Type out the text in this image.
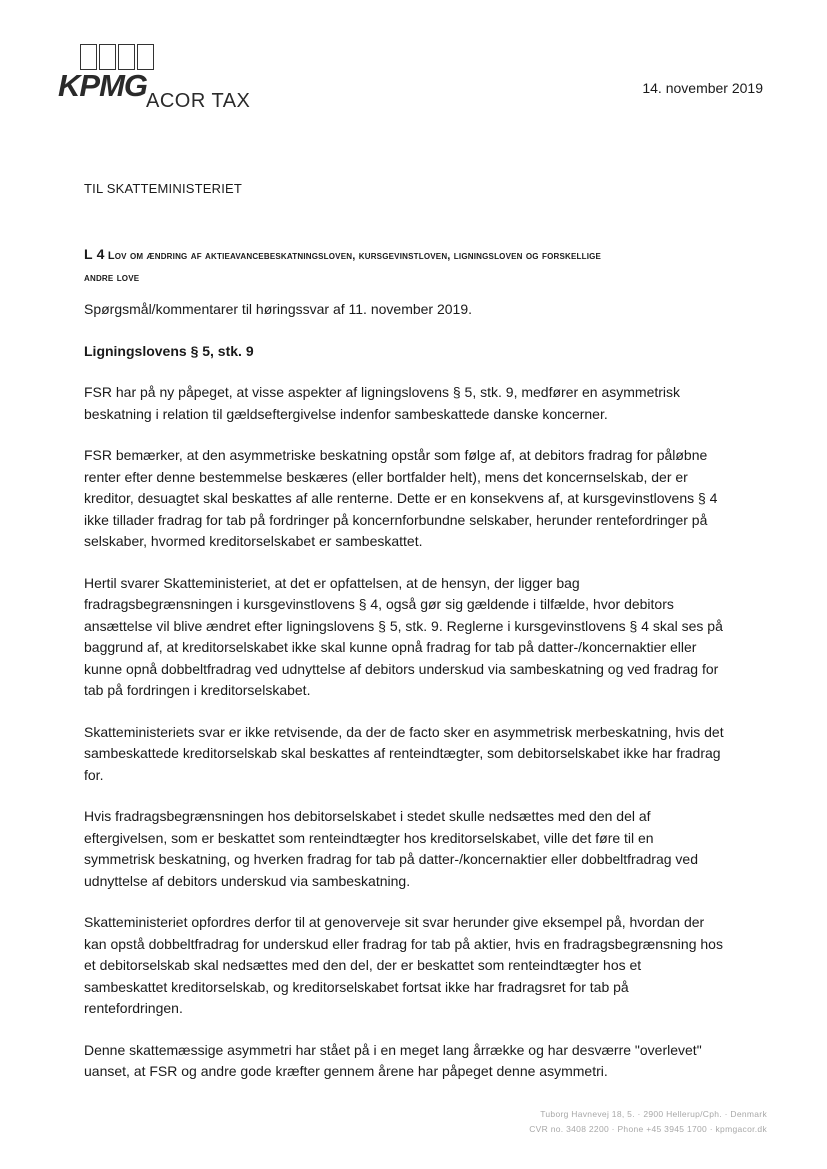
KPMG ACOR TAX
14. november 2019
TIL SKATTEMINISTERIET
L 4 Lov om ændring af aktieavancebeskatningsloven, kursgevinstloven, ligningsloven og forskellige
andre love

Spørgsmål/kommentarer til høringssvar af 11. november 2019.

Ligningslovens § 5, stk. 9

FSR har på ny påpeget, at visse aspekter af ligningslovens § 5, stk. 9, medfører en asymmetrisk beskatning i relation til gældseftergivelse indenfor sambeskattede danske koncerner.

FSR bemærker, at den asymmetriske beskatning opstår som følge af, at debitors fradrag for påløbne renter efter denne bestemmelse beskæres (eller bortfalder helt), mens det koncernselskab, der er kreditor, desuagtet skal beskattes af alle renterne. Dette er en konsekvens af, at kursgevinstlovens § 4 ikke tillader fradrag for tab på fordringer på koncernforbundne selskaber, herunder rentefordringer på selskaber, hvormed kreditorselskabet er sambeskattet.

Hertil svarer Skatteministeriet, at det er opfattelsen, at de hensyn, der ligger bag fradragsbegrænsningen i kursgevinstlovens § 4, også gør sig gældende i tilfælde, hvor debitors ansættelse vil blive ændret efter ligningslovens § 5, stk. 9. Reglerne i kursgevinstlovens § 4 skal ses på baggrund af, at kreditorselskabet ikke skal kunne opnå fradrag for tab på datter-/koncernaktier eller kunne opnå dobbeltfradrag ved udnyttelse af debitors underskud via sambeskatning og ved fradrag for tab på fordringen i kreditorselskabet.

Skatteministeriets svar er ikke retvisende, da der de facto sker en asymmetrisk merbeskatning, hvis det sambeskattede kreditorselskab skal beskattes af renteindtægter, som debitorselskabet ikke har fradrag for.

Hvis fradragsbegrænsningen hos debitorselskabet i stedet skulle nedsættes med den del af eftergivelsen, som er beskattet som renteindtægter hos kreditorselskabet, ville det føre til en symmetrisk beskatning, og hverken fradrag for tab på datter-/koncernaktier eller dobbeltfradrag ved udnyttelse af debitors underskud via sambeskatning.

Skatteministeriet opfordres derfor til at genoverveje sit svar herunder give eksempel på, hvordan der kan opstå dobbeltfradrag for underskud eller fradrag for tab på aktier, hvis en fradragsbegrænsning hos et debitorselskab skal nedsættes med den del, der er beskattet som renteindtægter hos et sambeskattet kreditorselskab, og kreditorselskabet fortsat ikke har fradragsret for tab på rentefordringen.

Denne skattemæssige asymmetri har stået på i en meget lang årrække og har desværre "overlevet" uanset, at FSR og andre gode kræfter gennem årene har påpeget denne asymmetri.

Tuborg Havnevej 18, 5. · 2900 Hellerup/Cph. · Denmark
CVR no. 3408 2200 · Phone +45 3945 1700 · kpmgacor.dk
